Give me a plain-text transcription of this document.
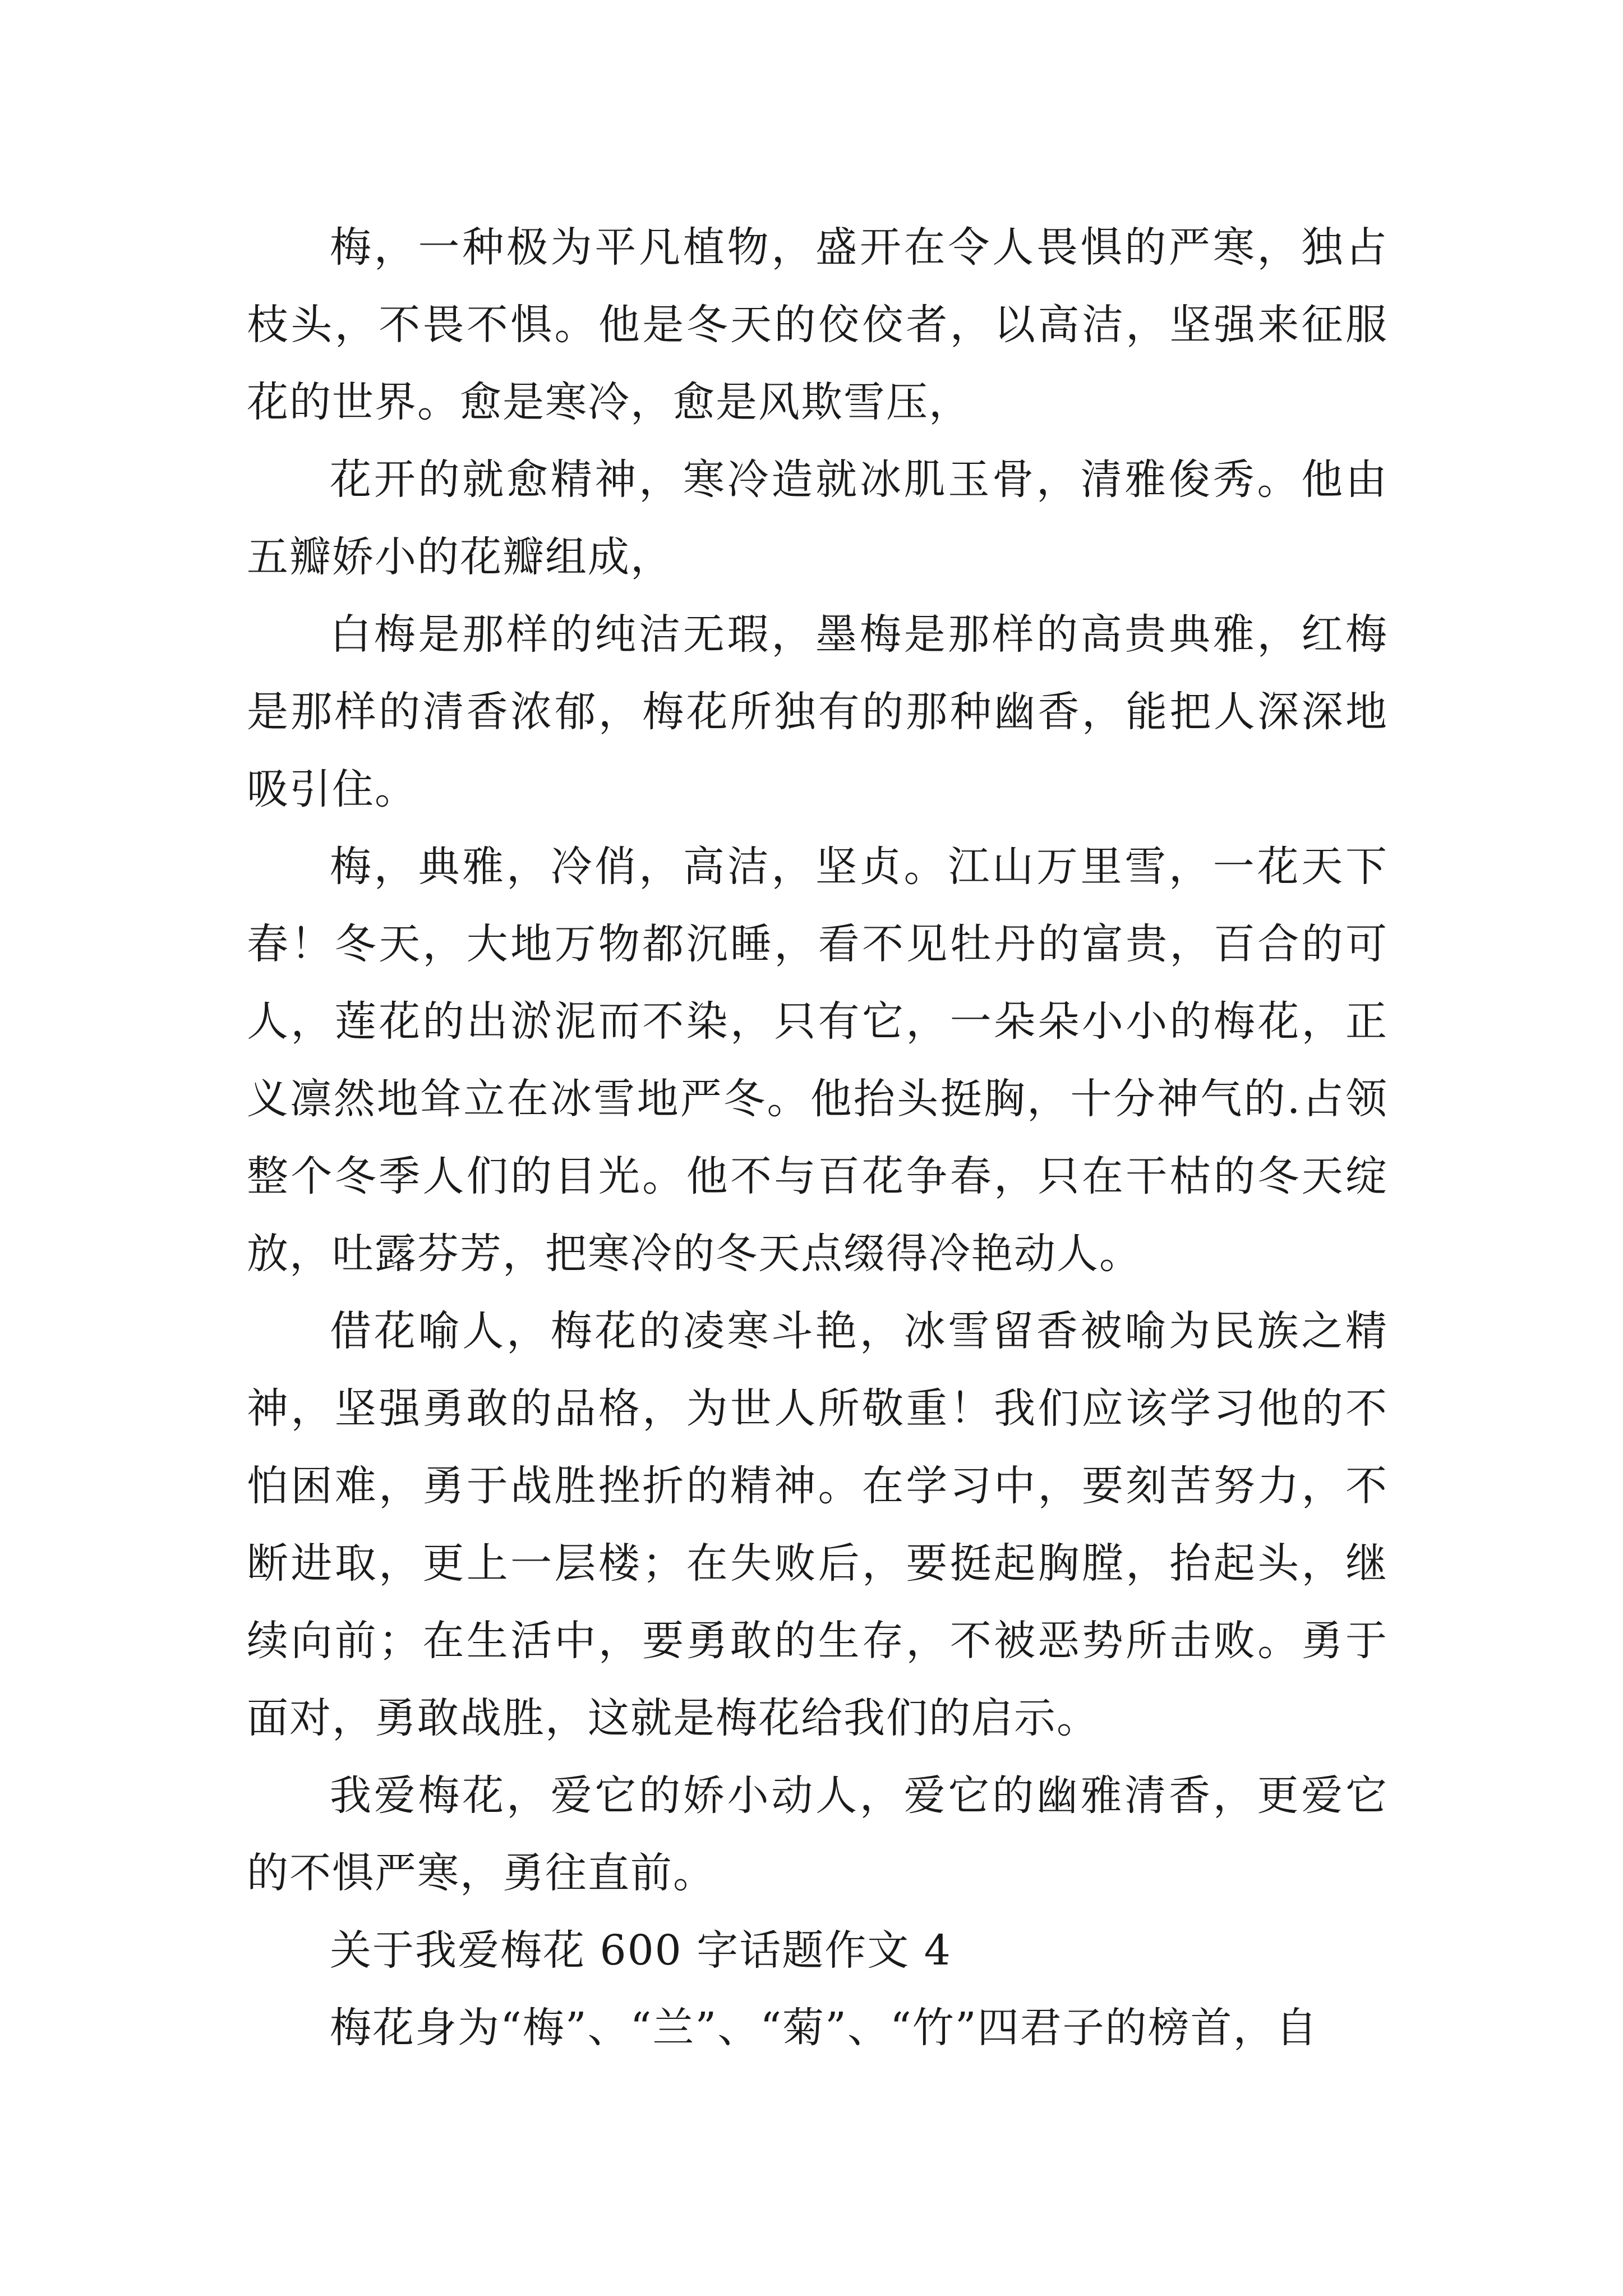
梅，一种极为平凡植物，盛开在令人畏惧的严寒，独占枝头，不畏不惧。他是冬天的佼佼者，以高洁，坚强来征服花的世界。愈是寒冷，愈是风欺雪压，

花开的就愈精神，寒冷造就冰肌玉骨，清雅俊秀。他由五瓣娇小的花瓣组成，

白梅是那样的纯洁无瑕，墨梅是那样的高贵典雅，红梅是那样的清香浓郁，梅花所独有的那种幽香，能把人深深地吸引住。

梅，典雅，冷俏，高洁，坚贞。江山万里雪，一花天下春！冬天，大地万物都沉睡，看不见牡丹的富贵，百合的可人，莲花的出淤泥而不染，只有它，一朵朵小小的梅花，正义凛然地耸立在冰雪地严冬。他抬头挺胸，十分神气的.占领整个冬季人们的目光。他不与百花争春，只在干枯的冬天绽放，吐露芬芳，把寒冷的冬天点缀得冷艳动人。

借花喻人，梅花的凌寒斗艳，冰雪留香被喻为民族之精神，坚强勇敢的品格，为世人所敬重！我们应该学习他的不怕困难，勇于战胜挫折的精神。在学习中，要刻苦努力，不断进取，更上一层楼；在失败后，要挺起胸膛，抬起头，继续向前；在生活中，要勇敢的生存，不被恶势所击败。勇于面对，勇敢战胜，这就是梅花给我们的启示。

我爱梅花，爱它的娇小动人，爱它的幽雅清香，更爱它的不惧严寒，勇往直前。

关于我爱梅花 600 字话题作文 4

梅花身为“梅”、“兰”、“菊”、“竹”四君子的榜首，自
